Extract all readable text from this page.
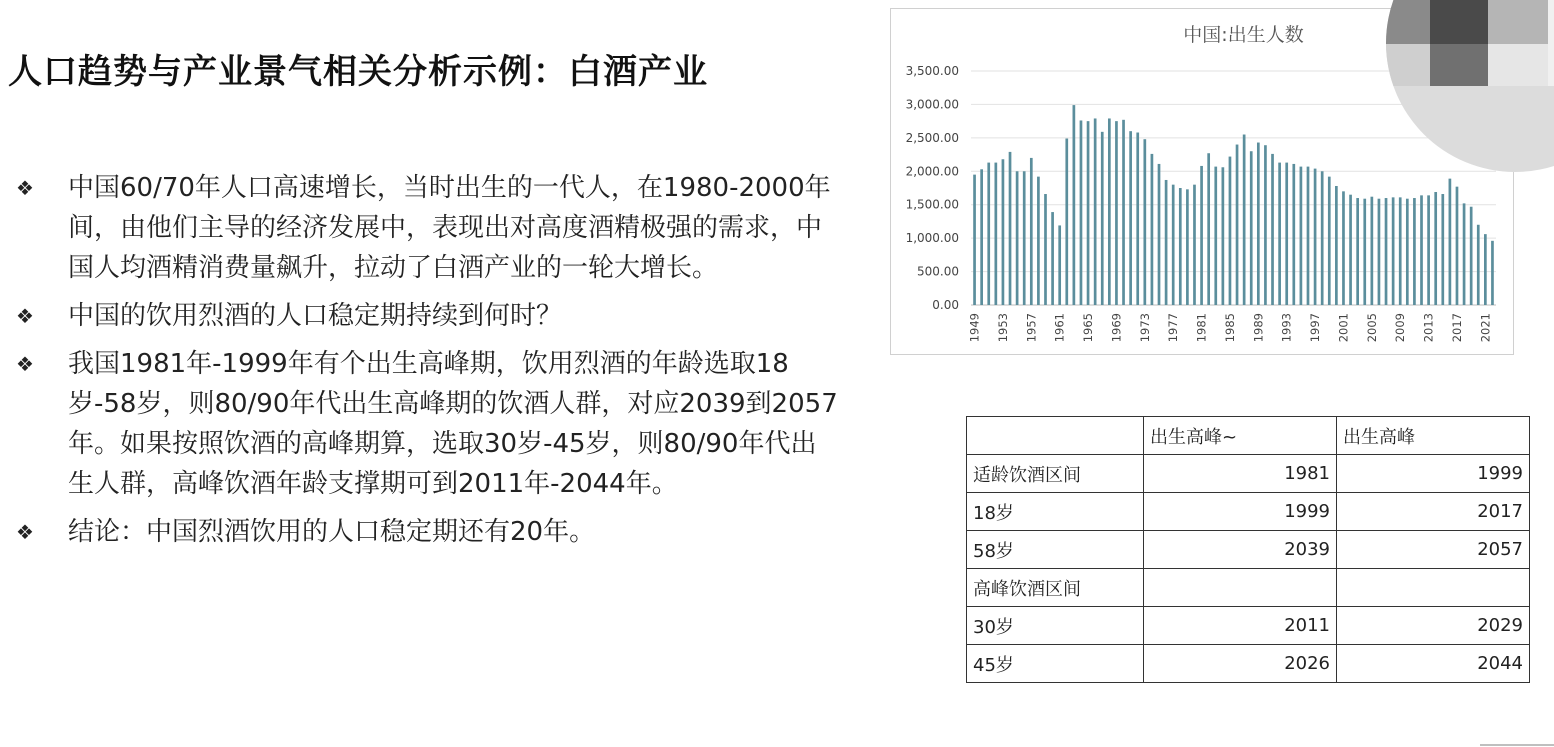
人口趋势与产业景气相关分析示例：白酒产业
❖ 中国60/70年人口高速增长，当时出生的一代人，在1980-2000年间，由他们主导的经济发展中，表现出对高度酒精极强的需求，中国人均酒精消费量飙升，拉动了白酒产业的一轮大增长。
❖ 中国的饮用烈酒的人口稳定期持续到何时？
❖ 我国1981年-1999年有个出生高峰期，饮用烈酒的年龄选取18岁-58岁，则80/90年代出生高峰期的饮酒人群，对应2039到2057年。如果按照饮酒的高峰期算，选取30岁-45岁，则80/90年代出生人群，高峰饮酒年龄支撑期可到2011年-2044年。
❖ 结论：中国烈酒饮用的人口稳定期还有20年。
中国:出生人数
0.00
500.00
1,000.00
1,500.00
2,000.00
2,500.00
3,000.00
3,500.00
1949 1953 1957 1961 1965 1969 1973 1977 1981 1985 1989 1993 1997 2001 2005 2009 2013 2017 2021
	出生高峰~	出生高峰
适龄饮酒区间	1981	1999
18岁	1999	2017
58岁	2039	2057
高峰饮酒区间		
30岁	2011	2029
45岁	2026	2044
